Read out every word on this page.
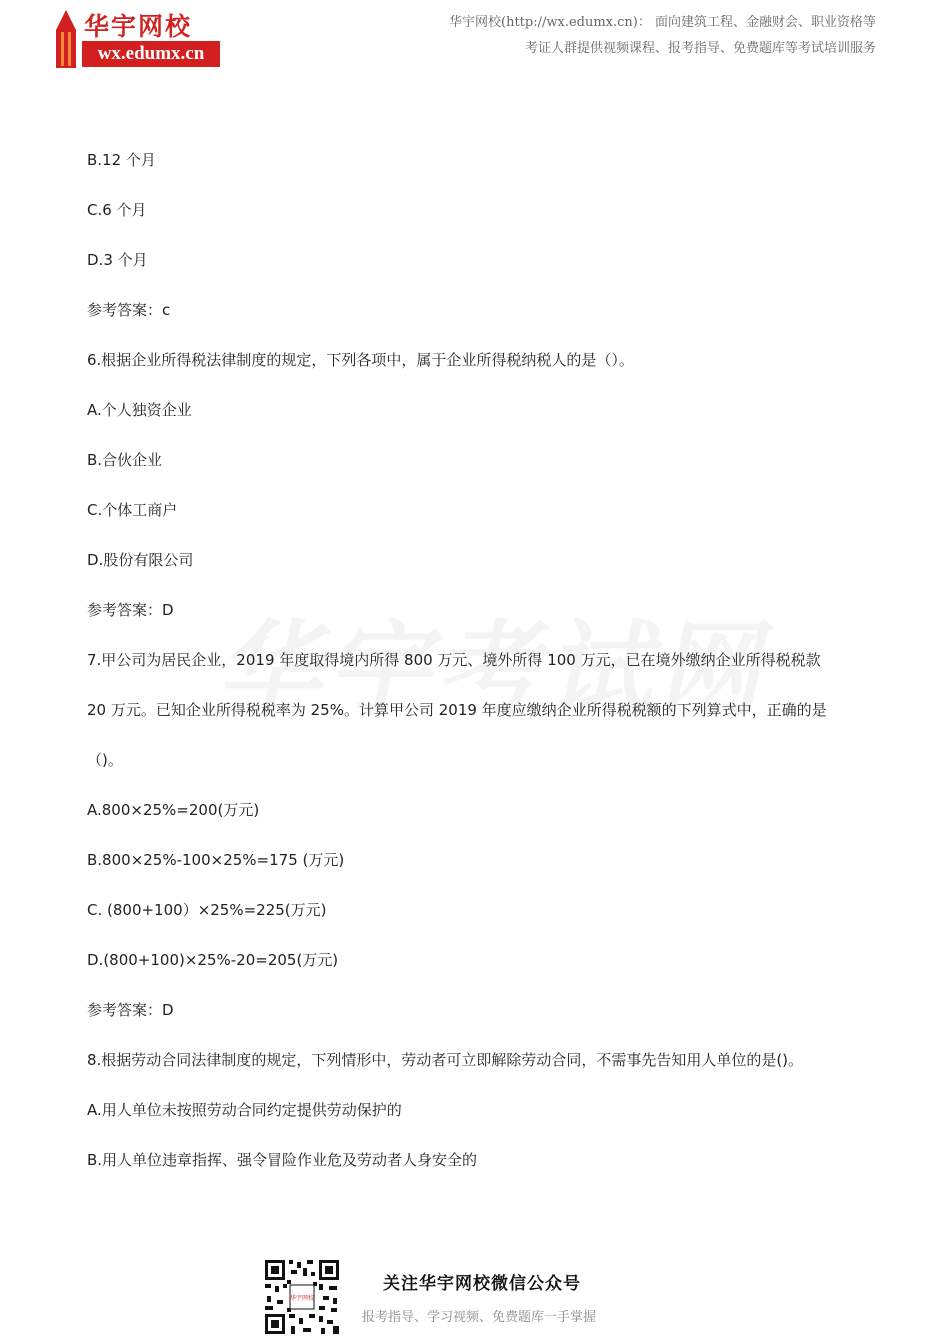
华宇网校
wx.edumx.cn
华宇网校(http://wx.edumx.cn)： 面向建筑工程、金融财会、职业资格等
考证人群提供视频课程、报考指导、免费题库等考试培训服务

B.12 个月

C.6 个月

D.3 个月

参考答案：c

6.根据企业所得税法律制度的规定，下列各项中，属于企业所得税纳税人的是（）。

A.个人独资企业

B.合伙企业

C.个体工商户

D.股份有限公司

参考答案：D

7.甲公司为居民企业，2019 年度取得境内所得 800 万元、境外所得 100 万元，已在境外缴纳企业所得税税款

20 万元。已知企业所得税税率为 25%。计算甲公司 2019 年度应缴纳企业所得税税额的下列算式中，正确的是

（)。

A.800×25%=200(万元)

B.800×25%-100×25%=175 (万元)

C. (800+100）×25%=225(万元)

D.(800+100)×25%-20=205(万元)

参考答案：D

8.根据劳动合同法律制度的规定，下列情形中，劳动者可立即解除劳动合同，不需事先告知用人单位的是()。

A.用人单位未按照劳动合同约定提供劳动保护的

B.用人单位违章指挥、强令冒险作业危及劳动者人身安全的

华宇网校
关注华宇网校微信公众号
报考指导、学习视频、免费题库一手掌握
